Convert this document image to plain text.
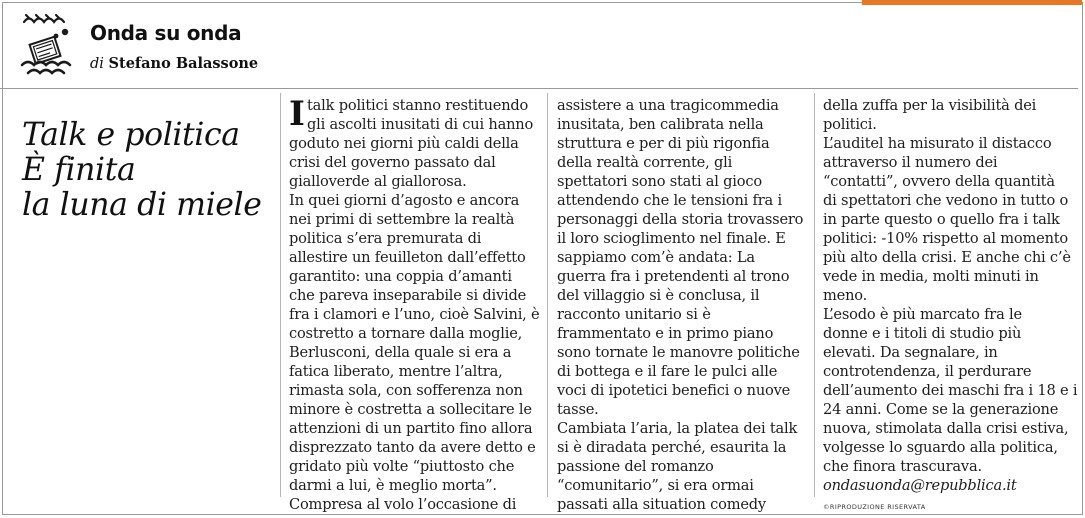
Onda su onda
di Stefano Balassone
Talk e politica
È finita
la luna di miele
I talk politici stanno restituendo
gli ascolti inusitati di cui hanno
goduto nei giorni più caldi della
crisi del governo passato dal
gialloverde al giallorosa.
In quei giorni d’agosto e ancora
nei primi di settembre la realtà
politica s’era premurata di
allestire un feuilleton dall’effetto
garantito: una coppia d’amanti
che pareva inseparabile si divide
fra i clamori e l’uno, cioè Salvini, è
costretto a tornare dalla moglie,
Berlusconi, della quale si era a
fatica liberato, mentre l’altra,
rimasta sola, con sofferenza non
minore è costretta a sollecitare le
attenzioni di un partito fino allora
disprezzato tanto da avere detto e
gridato più volte “piuttosto che
darmi a lui, è meglio morta”.
Compresa al volo l’occasione di
assistere a una tragicommedia
inusitata, ben calibrata nella
struttura e per di più rigonfia
della realtà corrente, gli
spettatori sono stati al gioco
attendendo che le tensioni fra i
personaggi della storia trovassero
il loro scioglimento nel finale. E
sappiamo com’è andata: La
guerra fra i pretendenti al trono
del villaggio si è conclusa, il
racconto unitario si è
frammentato e in primo piano
sono tornate le manovre politiche
di bottega e il fare le pulci alle
voci di ipotetici benefici o nuove
tasse.
Cambiata l’aria, la platea dei talk
si è diradata perché, esaurita la
passione del romanzo
“comunitario”, si era ormai
passati alla situation comedy
della zuffa per la visibilità dei
politici.
L’auditel ha misurato il distacco
attraverso il numero dei
“contatti”, ovvero della quantità
di spettatori che vedono in tutto o
in parte questo o quello fra i talk
politici: -10% rispetto al momento
più alto della crisi. E anche chi c’è
vede in media, molti minuti in
meno.
L’esodo è più marcato fra le
donne e i titoli di studio più
elevati. Da segnalare, in
controtendenza, il perdurare
dell’aumento dei maschi fra i 18 e i
24 anni. Come se la generazione
nuova, stimolata dalla crisi estiva,
volgesse lo sguardo alla politica,
che finora trascurava.
ondasuonda@repubblica.it
©RIPRODUZIONE RISERVATA
